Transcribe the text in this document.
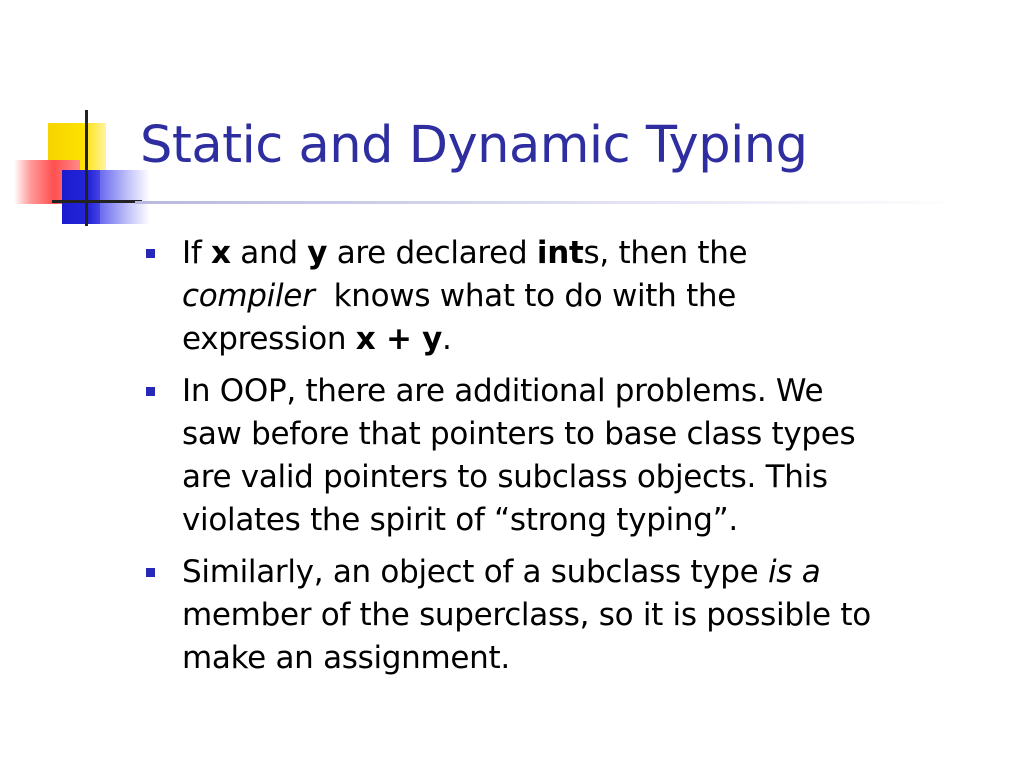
Static and Dynamic Typing
If x and y are declared ints, then the
compiler  knows what to do with the
expression x + y.
In OOP, there are additional problems. We
saw before that pointers to base class types
are valid pointers to subclass objects. This
violates the spirit of “strong typing”.
Similarly, an object of a subclass type is a
member of the superclass, so it is possible to
make an assignment.
